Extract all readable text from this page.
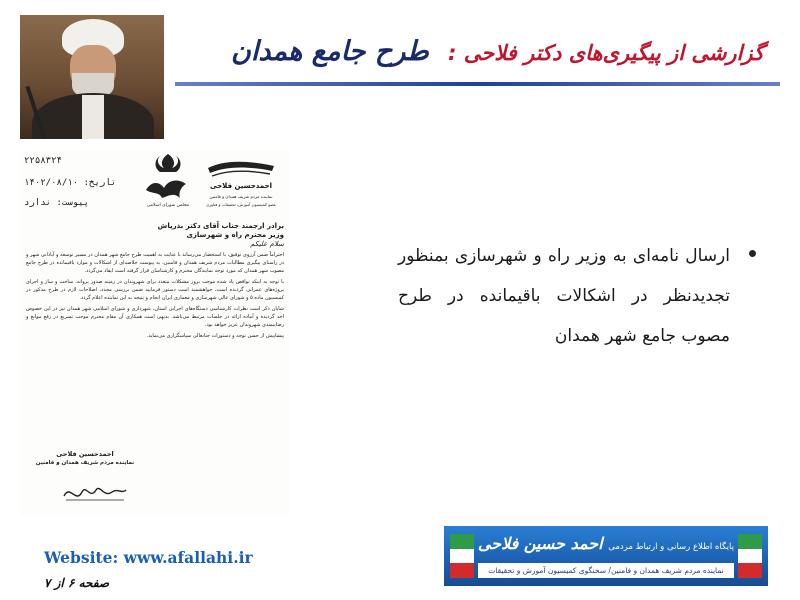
گزارشی از پیگیری‌های دکتر فلاحی : طرح جامع همدان
۲۲۵۸۳۲۴
تاریخ: ۱۴۰۲/۰۸/۱۰
پیوست: ندارد	مجلس شورای اسلامی
احمدحسین فلاحی
نماینده مردم شریف همدان و فامنین
عضو کمیسیون آموزش، تحقیقات و فناوری
برادر ارجمند جناب آقای دکتر بذرپاش
وزیر محترم راه و شهرسازی
سلام علیکم
احتراماً ضمن آرزوی توفیق، با استحضار می‌رساند با عنایت به اهمیت طرح جامع شهر همدان در مسیر توسعه و آبادانی شهر و در راستای پیگیری مطالبات مردم شریف همدان و فامنین، به پیوست خلاصه‌ای از اشکالات و موارد باقیمانده در طرح جامع مصوب شهر همدان که مورد توجه نمایندگان محترم و کارشناسان قرار گرفته است ایفاد می‌گردد.
با توجه به اینکه نواقص یاد شده موجب بروز مشکلات متعدد برای شهروندان در زمینه صدور پروانه، ساخت و ساز و اجرای پروژه‌های عمرانی گردیده است، خواهشمند است دستور فرمایید ضمن بررسی مجدد، اصلاحات لازم در طرح مذکور در کمیسیون ماده ۵ و شورای عالی شهرسازی و معماری ایران انجام و نتیجه به این نماینده اعلام گردد.
شایان ذکر است نظرات کارشناسی دستگاه‌های اجرایی استان، شهرداری و شورای اسلامی شهر همدان نیز در این خصوص اخذ گردیده و آماده ارائه در جلسات مرتبط می‌باشد. بدیهی است همکاری آن مقام محترم موجب تسریع در رفع موانع و رضایتمندی شهروندان عزیز خواهد بود.
پیشاپیش از حسن توجه و دستورات جنابعالی سپاسگزاری می‌نماید.
احمدحسین فلاحی
نماینده مردم شریف همدان و فامنین
ارسال نامه‌ای به وزیر راه و شهرسازی بمنظور تجدیدنظر در اشکالات باقیمانده در طرح مصوب جامع شهر همدان
Website: www.afallahi.ir
صفحه ۶ از ۷
پایگاه اطلاع رسانی و ارتباط مردمی احمد حسین فلاحی
نماینده مردم شریف همدان و فامنین/ سخنگوی کمیسیون آموزش و تحقیقات
